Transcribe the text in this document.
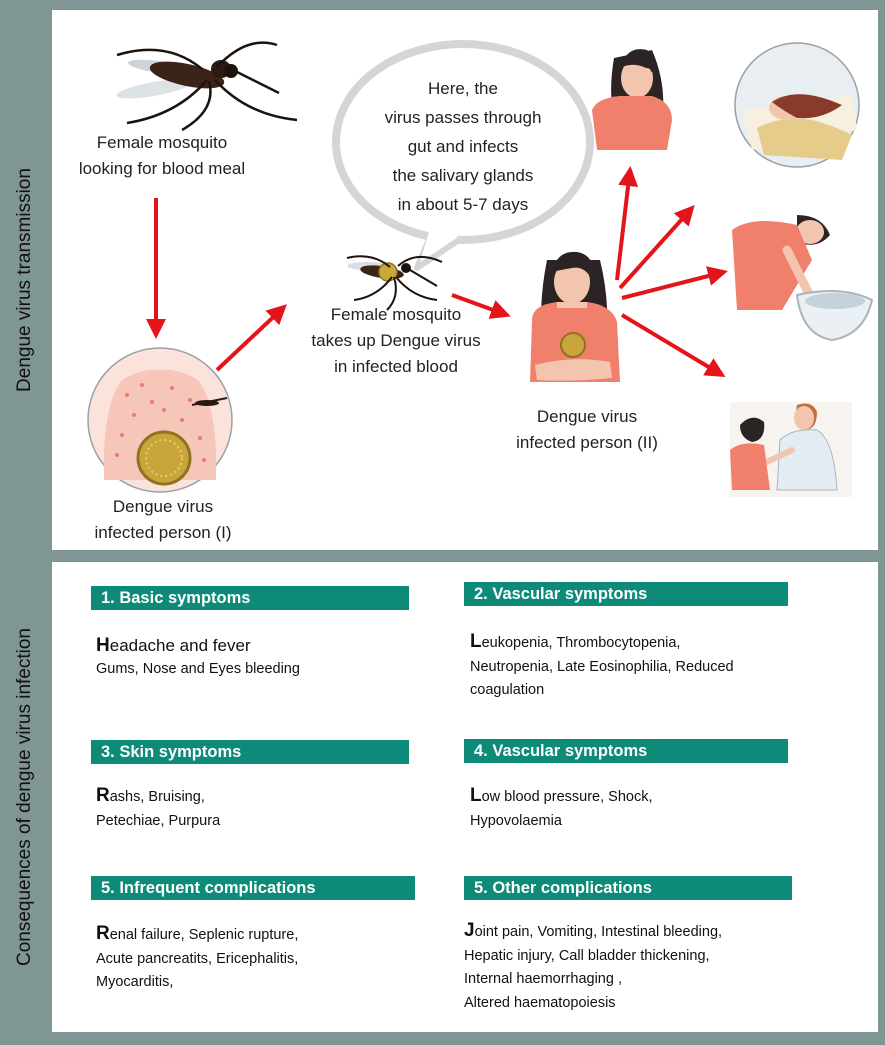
Dengue virus transmission
Consequences of dengue virus infection
Female mosquito
looking for blood meal
Dengue virus
infected person (I)
Female mosquito
takes up Dengue virus
in infected blood
Here, the
virus passes through
gut and infects
the salivary glands
in about 5-7 days
Dengue virus
infected person (II)
1. Basic symptoms
Headache and fever
Gums, Nose and Eyes bleeding
2. Vascular symptoms
Leukopenia, Thrombocytopenia,
Neutropenia, Late Eosinophilia, Reduced
coagulation
3. Skin symptoms
Rashs, Bruising,
Petechiae, Purpura
4. Vascular symptoms
Low blood pressure, Shock,
Hypovolaemia
5. Infrequent complications
Renal failure, Seplenic rupture,
Acute pancreatits, Ericephalitis,
Myocarditis,
5. Other complications
Joint pain, Vomiting, Intestinal bleeding,
Hepatic injury, Call bladder thickening,
Internal haemorrhaging ,
Altered haematopoiesis
